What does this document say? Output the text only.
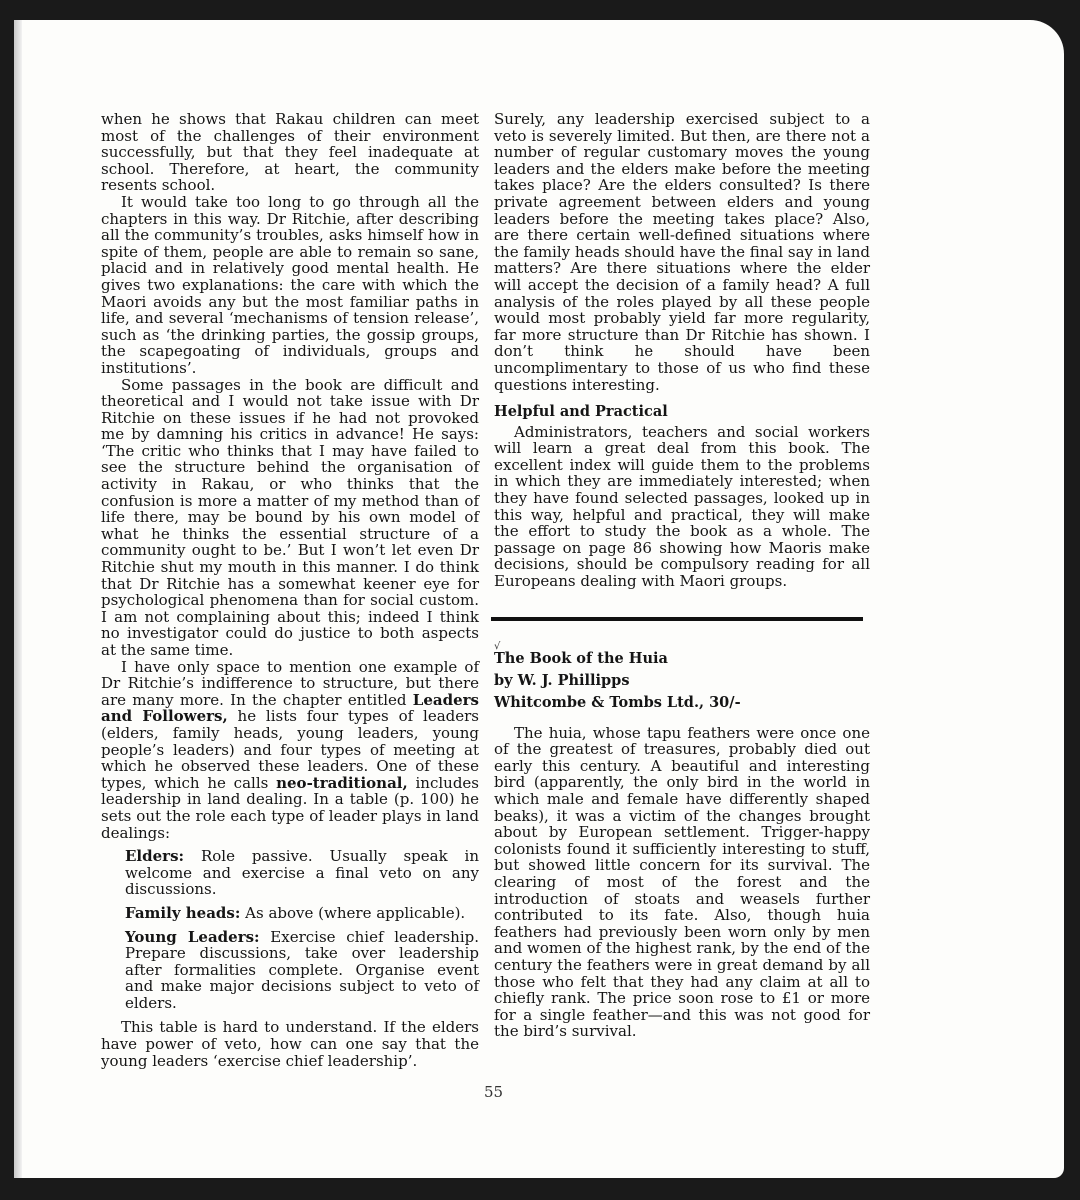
when he shows that Rakau children can meet most of the challenges of their environment successfully, but that they feel inadequate at school. Therefore, at heart, the community resents school.

It would take too long to go through all the chapters in this way. Dr Ritchie, after describing all the community’s troubles, asks himself how in spite of them, people are able to remain so sane, placid and in relatively good mental health. He gives two explanations: the care with which the Maori avoids any but the most familiar paths in life, and several ‘mechanisms of tension release’, such as ‘the drinking parties, the gossip groups, the scapegoating of individuals, groups and institutions’.

Some passages in the book are difficult and theoretical and I would not take issue with Dr Ritchie on these issues if he had not provoked me by damning his critics in advance! He says: ‘The critic who thinks that I may have failed to see the structure behind the organisation of activity in Rakau, or who thinks that the confusion is more a matter of my method than of life there, may be bound by his own model of what he thinks the essential structure of a community ought to be.’ But I won’t let even Dr Ritchie shut my mouth in this manner. I do think that Dr Ritchie has a somewhat keener eye for psychological phenomena than for social custom. I am not complaining about this; indeed I think no investigator could do justice to both aspects at the same time.

I have only space to mention one example of Dr Ritchie’s indifference to structure, but there are many more. In the chapter entitled Leaders and Followers, he lists four types of leaders (elders, family heads, young leaders, young people’s leaders) and four types of meeting at which he observed these leaders. One of these types, which he calls neo-traditional, includes leadership in land dealing. In a table (p. 100) he sets out the role each type of leader plays in land dealings:

Elders: Role passive. Usually speak in welcome and exercise a final veto on any discussions.

Family heads: As above (where applicable).

Young Leaders: Exercise chief leadership. Prepare discussions, take over leadership after formalities complete. Organise event and make major decisions subject to veto of elders.

This table is hard to understand. If the elders have power of veto, how can one say that the young leaders ‘exercise chief leadership’.

Surely, any leadership exercised subject to a veto is severely limited. But then, are there not a number of regular customary moves the young leaders and the elders make before the meeting takes place? Are the elders consulted? Is there private agreement between elders and young leaders before the meeting takes place? Also, are there certain well-defined situations where the family heads should have the final say in land matters? Are there situations where the elder will accept the decision of a family head? A full analysis of the roles played by all these people would most probably yield far more regularity, far more structure than Dr Ritchie has shown. I don’t think he should have been uncomplimentary to those of us who find these questions interesting.

Helpful and Practical

Administrators, teachers and social workers will learn a great deal from this book. The excellent index will guide them to the problems in which they are immediately interested; when they have found selected passages, looked up in this way, helpful and practical, they will make the effort to study the book as a whole. The passage on page 86 showing how Maoris make decisions, should be compulsory reading for all Europeans dealing with Maori groups.

√

The Book of the Huia

by W. J. Phillipps

Whitcombe & Tombs Ltd., 30/-

The huia, whose tapu feathers were once one of the greatest of treasures, probably died out early this century. A beautiful and interesting bird (apparently, the only bird in the world in which male and female have differently shaped beaks), it was a victim of the changes brought about by European settlement. Trigger-happy colonists found it sufficiently interesting to stuff, but showed little concern for its survival. The clearing of most of the forest and the introduction of stoats and weasels further contributed to its fate. Also, though huia feathers had previously been worn only by men and women of the highest rank, by the end of the century the feathers were in great demand by all those who felt that they had any claim at all to chiefly rank. The price soon rose to £1 or more for a single feather—and this was not good for the bird’s survival.

55
